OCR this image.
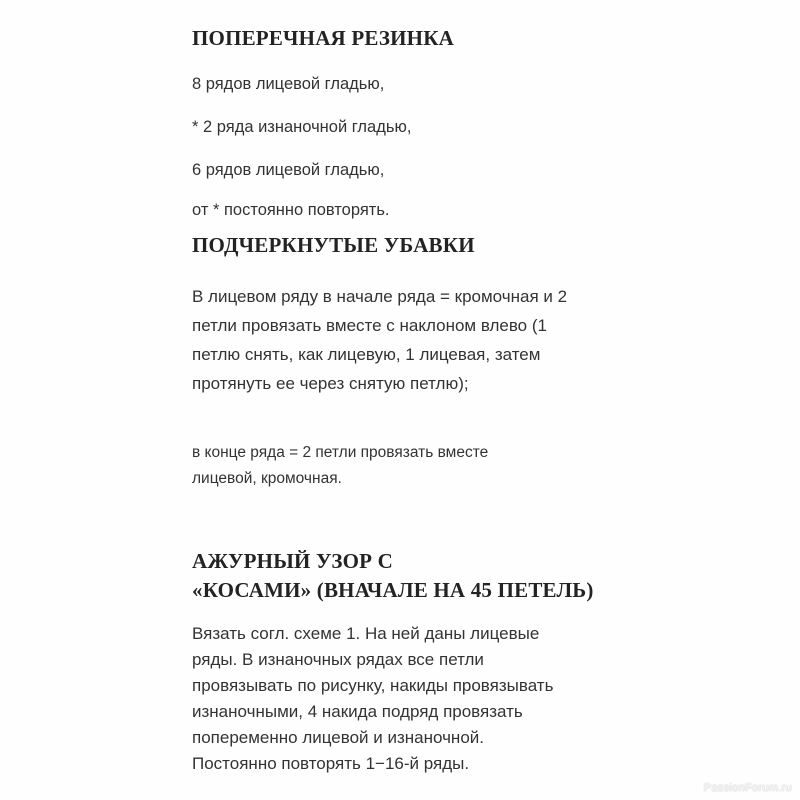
ПОПЕРЕЧНАЯ РЕЗИНКА

8 рядов лицевой гладью,

* 2 ряда изнаночной гладью,

6 рядов лицевой гладью,

от * постоянно повторять.

ПОДЧЕРКНУТЫЕ УБАВКИ
В лицевом ряду в начале ряда = кромочная и 2
петли провязать вместе с наклоном влево (1
петлю снять, как лицевую, 1 лицевая, затем
протянуть ее через снятую петлю);
в конце ряда = 2 петли провязать вместе
лицевой, кромочная.
АЖУРНЫЙ УЗОР С
«КОСАМИ» (ВНАЧАЛЕ НА 45 ПЕТЕЛЬ)
Вязать согл. схеме 1. На ней даны лицевые
ряды. В изнаночных рядах все петли
провязывать по рисунку, накиды провязывать
изнаночными, 4 накида подряд провязать
попеременно лицевой и изнаночной.
Постоянно повторять 1−16-й ряды.
PassionForum.ru
